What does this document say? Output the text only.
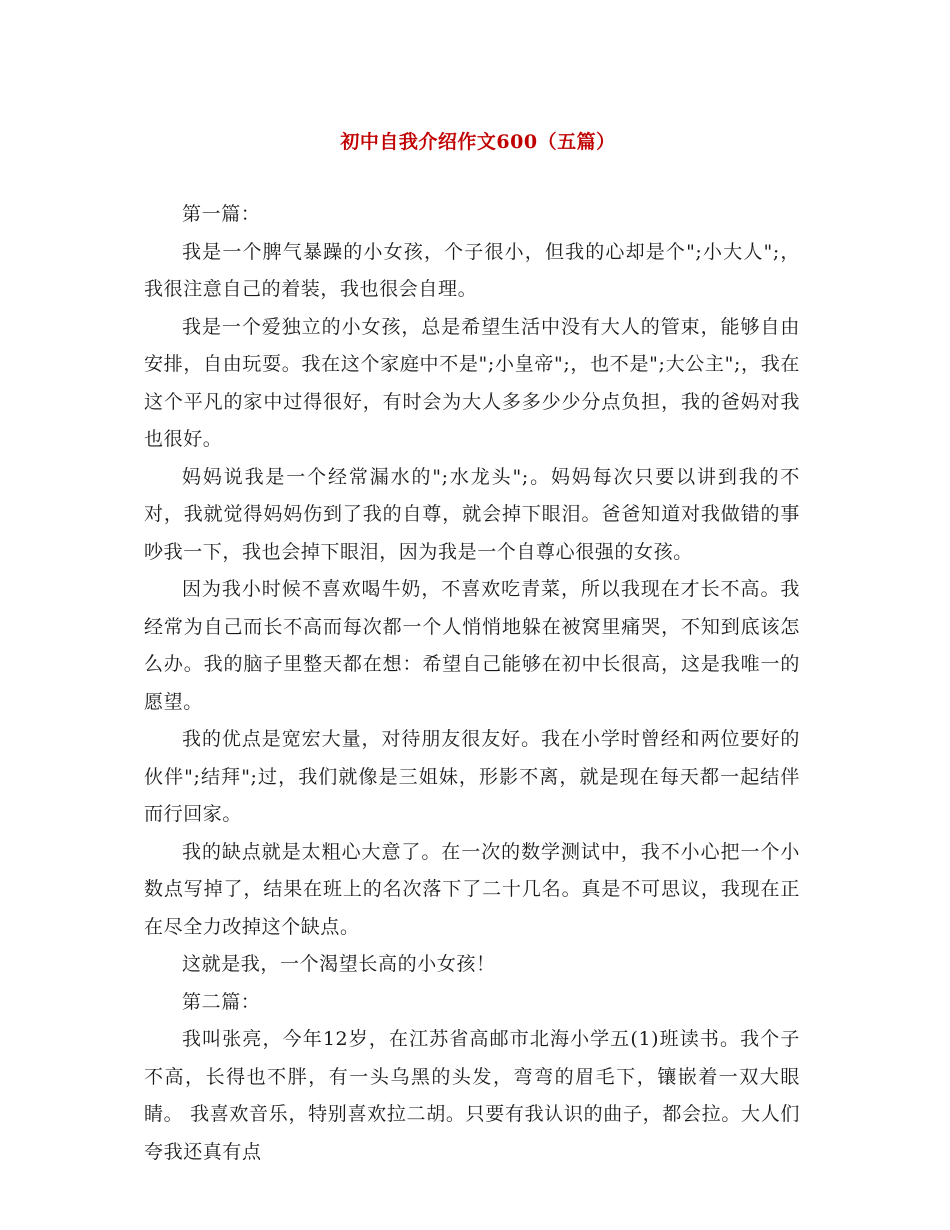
初中自我介绍作文600（五篇）

第一篇：

我是一个脾气暴躁的小女孩，个子很小，但我的心却是个";小大人";，我很注意自己的着装，我也很会自理。

我是一个爱独立的小女孩，总是希望生活中没有大人的管束，能够自由安排，自由玩耍。我在这个家庭中不是";小皇帝";，也不是";大公主";，我在这个平凡的家中过得很好，有时会为大人多多少少分点负担，我的爸妈对我也很好。

妈妈说我是一个经常漏水的";水龙头";。妈妈每次只要以讲到我的不对，我就觉得妈妈伤到了我的自尊，就会掉下眼泪。爸爸知道对我做错的事吵我一下，我也会掉下眼泪，因为我是一个自尊心很强的女孩。

因为我小时候不喜欢喝牛奶，不喜欢吃青菜，所以我现在才长不高。我经常为自己而长不高而每次都一个人悄悄地躲在被窝里痛哭，不知到底该怎么办。我的脑子里整天都在想：希望自己能够在初中长很高，这是我唯一的愿望。

我的优点是宽宏大量，对待朋友很友好。我在小学时曾经和两位要好的伙伴";结拜";过，我们就像是三姐妹，形影不离，就是现在每天都一起结伴而行回家。

我的缺点就是太粗心大意了。在一次的数学测试中，我不小心把一个小数点写掉了，结果在班上的名次落下了二十几名。真是不可思议，我现在正在尽全力改掉这个缺点。

这就是我，一个渴望长高的小女孩！

第二篇：

我叫张亮，今年12岁，在江苏省高邮市北海小学五(1)班读书。我个子不高，长得也不胖，有一头乌黑的头发，弯弯的眉毛下，镶嵌着一双大眼睛。 我喜欢音乐，特别喜欢拉二胡。只要有我认识的曲子，都会拉。大人们夸我还真有点
